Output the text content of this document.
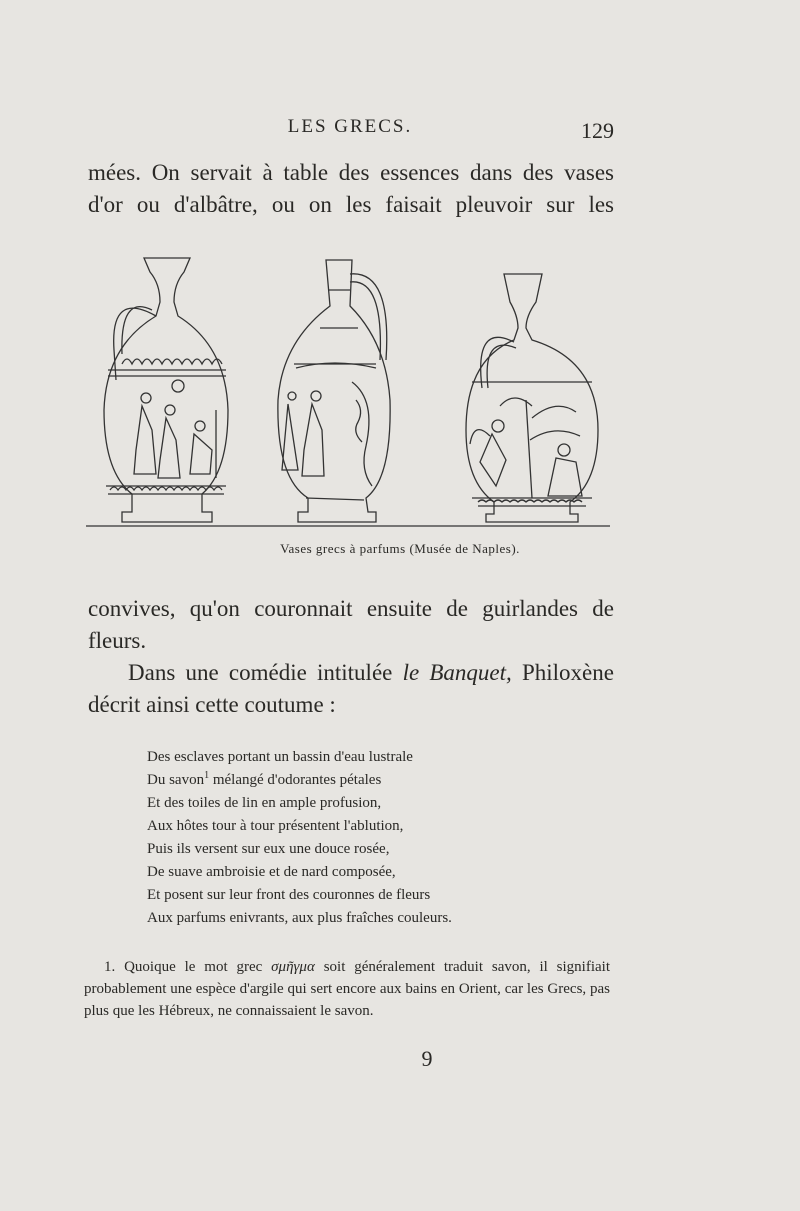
LES GRECS.	129
mées. On servait à table des essences dans des vases
d'or ou d'albâtre, ou on les faisait pleuvoir sur les
Vases grecs à parfums (Musée de Naples).
convives, qu'on couronnait ensuite de guirlandes de
fleurs.
Dans une comédie intitulée le Banquet, Philoxène
décrit ainsi cette coutume :
Des esclaves portant un bassin d'eau lustrale
Du savon$^1$ mélangé d'odorantes pétales
Et des toiles de lin en ample profusion,
Aux hôtes tour à tour présentent l'ablution,
Puis ils versent sur eux une douce rosée,
De suave ambroisie et de nard composée,
Et posent sur leur front des couronnes de fleurs
Aux parfums enivrants, aux plus fraîches couleurs.
1. Quoique le mot grec σμῆγμα soit généralement traduit savon, il signifiait probablement une espèce d'argile qui sert encore aux bains en Orient, car les Grecs, pas plus que les Hébreux, ne connaissaient le savon.
9
